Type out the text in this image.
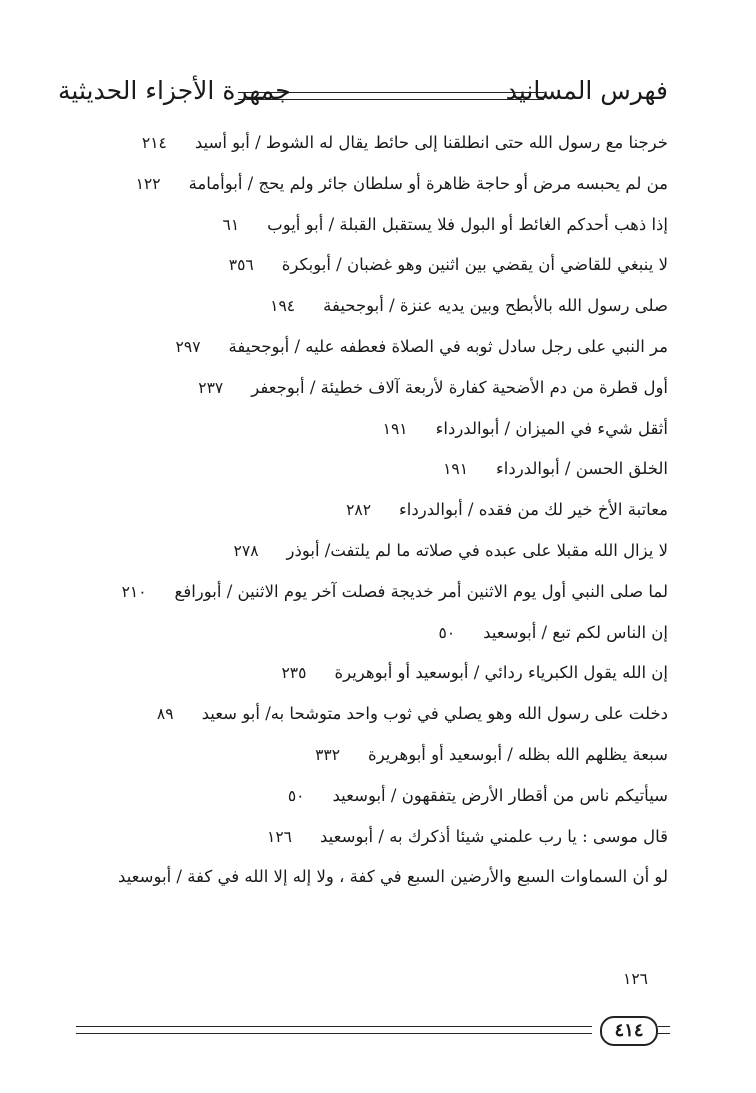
فهرس المسانيد
جمهرة الأجزاء الحديثية
خرجنا مع رسول الله حتى انطلقنا إلى حائط يقال له الشوط / أبو أسيد٢١٤
من لم يحبسه مرض أو حاجة ظاهرة أو سلطان جائر ولم يحج / أبوأمامة١٢٢
إذا ذهب أحدكم الغائط أو البول فلا يستقبل القبلة / أبو أيوب٦١
لا ينبغي للقاضي أن يقضي بين اثنين وهو غضبان / أبوبكرة٣٥٦
صلى رسول الله بالأبطح وبين يديه عنزة / أبوجحيفة١٩٤
مر النبي على رجل سادل ثوبه في الصلاة فعطفه عليه / أبوجحيفة٢٩٧
أول قطرة من دم الأضحية كفارة لأربعة آلاف خطيئة / أبوجعفر٢٣٧
أثقل شيء في الميزان / أبوالدرداء١٩١
الخلق الحسن / أبوالدرداء١٩١
معاتبة الأخ خير لك من فقده / أبوالدرداء٢٨٢
لا يزال الله مقبلا على عبده في صلاته ما لم يلتفت/ أبوذر٢٧٨
لما صلى النبي أول يوم الاثنين أمر خديجة فصلت آخر يوم الاثنين / أبورافع٢١٠
إن الناس لكم تبع / أبوسعيد٥٠
إن الله يقول الكبرياء ردائي / أبوسعيد أو أبوهريرة٢٣٥
دخلت على رسول الله وهو يصلي في ثوب واحد متوشحا به/ أبو سعيد٨٩
سبعة يظلهم الله بظله / أبوسعيد أو أبوهريرة٣٣٢
سيأتيكم ناس من أقطار الأرض يتفقهون / أبوسعيد٥٠
قال موسى : يا رب علمني شيئا أذكرك به / أبوسعيد١٢٦
لو أن السماوات السبع والأرضين السبع في كفة ، ولا إله إلا الله في كفة / أبوسعيد
١٢٦
٤١٤
